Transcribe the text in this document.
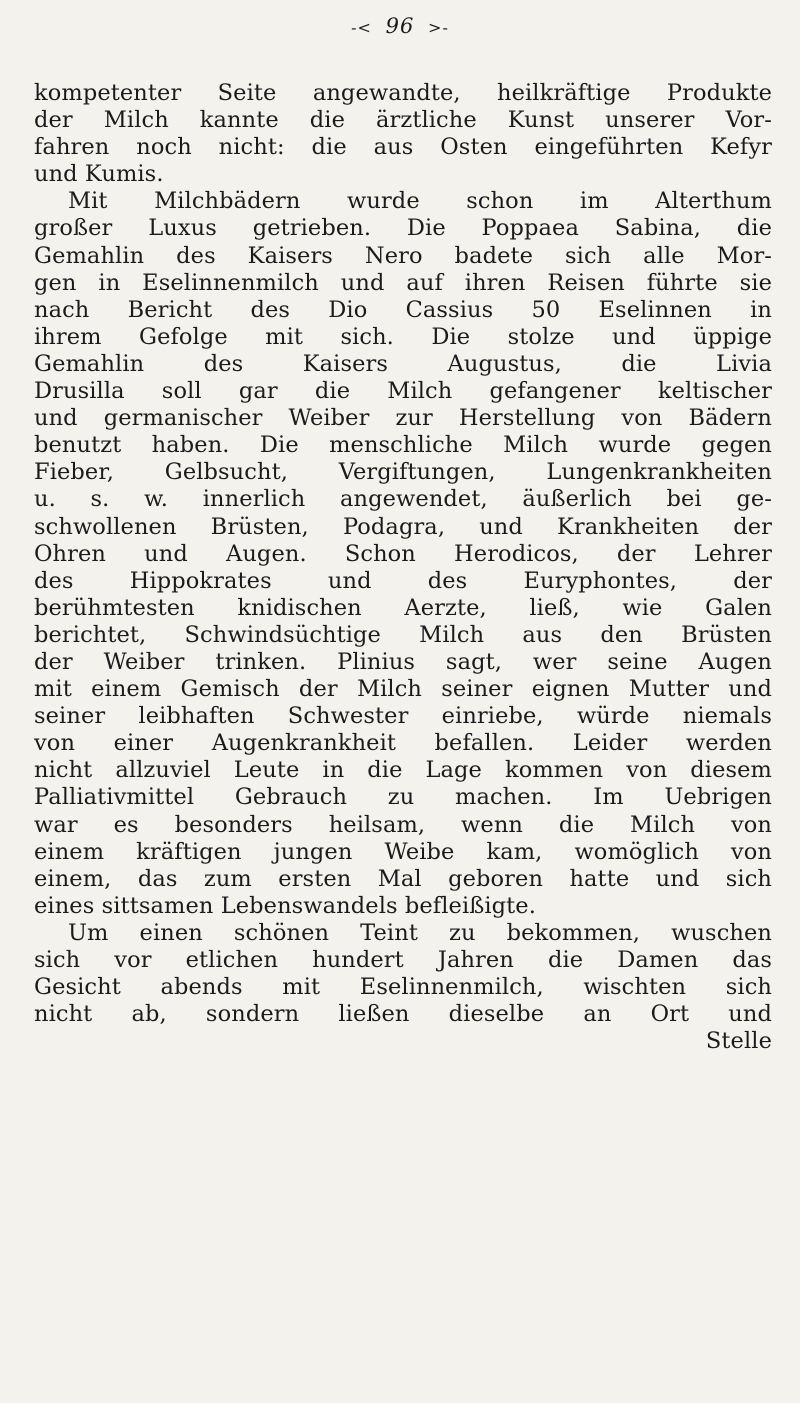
-< 96 >-
kompetenter Seite angewandte, heilkräftige Produkte
der Milch kannte die ärztliche Kunst unserer Vor-
fahren noch nicht: die aus Osten eingeführten Kefyr
und Kumis.
Mit Milchbädern wurde schon im Alterthum
großer Luxus getrieben. Die Poppaea Sabina, die
Gemahlin des Kaisers Nero badete sich alle Mor-
gen in Eselinnenmilch und auf ihren Reisen führte sie
nach Bericht des Dio Cassius 50 Eselinnen in
ihrem Gefolge mit sich. Die stolze und üppige
Gemahlin des Kaisers Augustus, die Livia
Drusilla soll gar die Milch gefangener keltischer
und germanischer Weiber zur Herstellung von Bädern
benutzt haben. Die menschliche Milch wurde gegen
Fieber, Gelbsucht, Vergiftungen, Lungenkrankheiten
u. s. w. innerlich angewendet, äußerlich bei ge-
schwollenen Brüsten, Podagra, und Krankheiten der
Ohren und Augen. Schon Herodicos, der Lehrer
des Hippokrates und des Euryphontes, der
berühmtesten knidischen Aerzte, ließ, wie Galen
berichtet, Schwindsüchtige Milch aus den Brüsten
der Weiber trinken. Plinius sagt, wer seine Augen
mit einem Gemisch der Milch seiner eignen Mutter und
seiner leibhaften Schwester einriebe, würde niemals
von einer Augenkrankheit befallen. Leider werden
nicht allzuviel Leute in die Lage kommen von diesem
Palliativmittel Gebrauch zu machen. Im Uebrigen
war es besonders heilsam, wenn die Milch von
einem kräftigen jungen Weibe kam, womöglich von
einem, das zum ersten Mal geboren hatte und sich
eines sittsamen Lebenswandels befleißigte.
Um einen schönen Teint zu bekommen, wuschen
sich vor etlichen hundert Jahren die Damen das
Gesicht abends mit Eselinnenmilch, wischten sich
nicht ab, sondern ließen dieselbe an Ort und
Stelle
